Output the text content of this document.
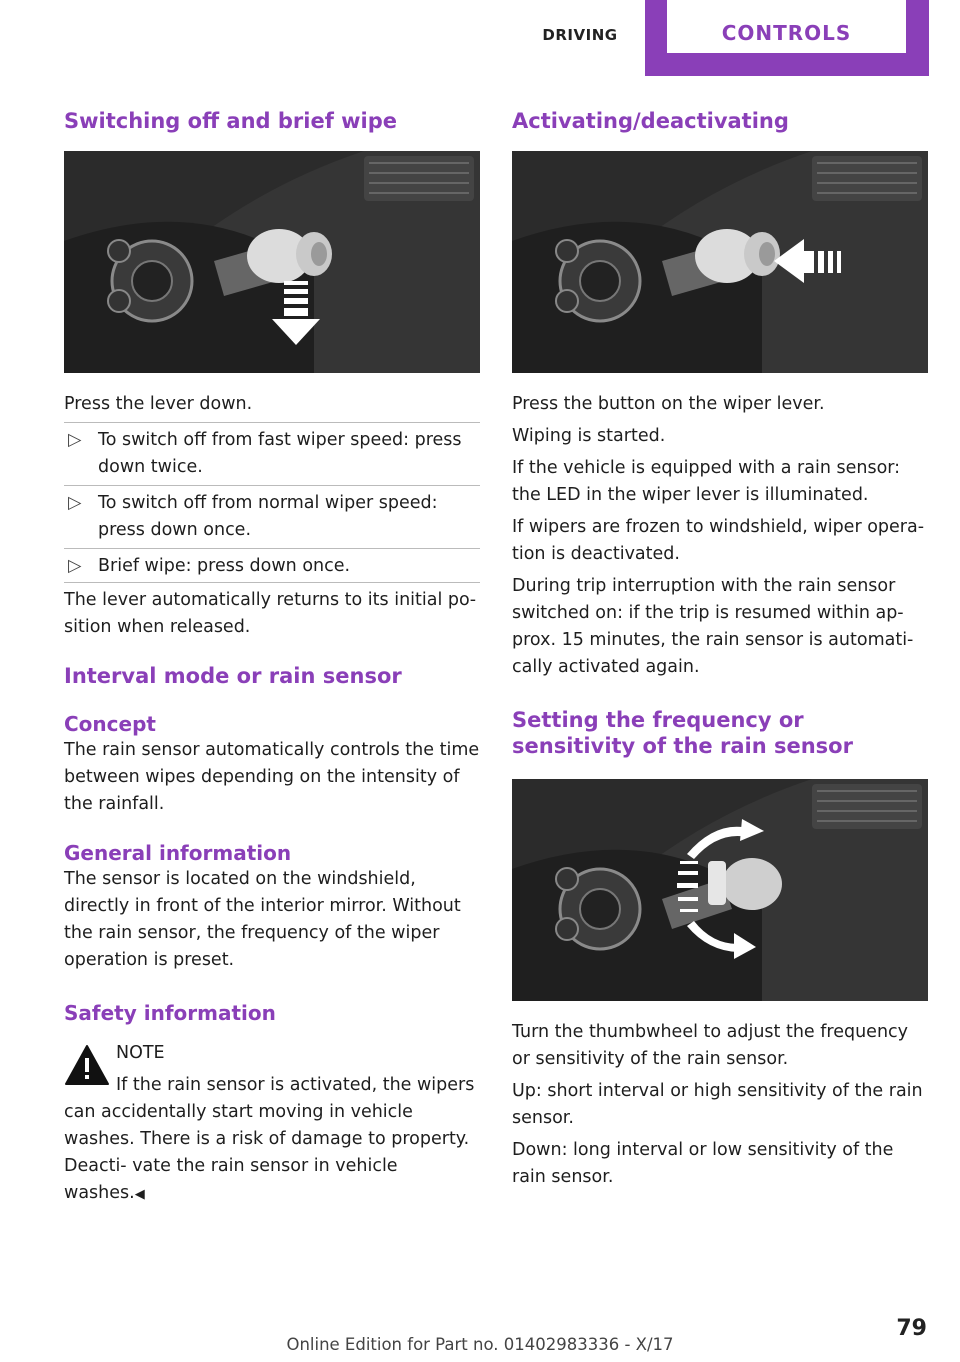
DRIVING	CONTROLS
Switching off and brief wipe

Press the lever down.

▷ To switch off from fast wiper speed: press down twice.
▷ To switch off from normal wiper speed: press down once.
▷ Brief wipe: press down once.

The lever automatically returns to its initial po‐ sition when released.

Interval mode or rain sensor
Concept

The rain sensor automatically controls the time between wipes depending on the intensity of the rainfall.

General information

The sensor is located on the windshield, directly in front of the interior mirror. Without the rain sensor, the frequency of the wiper operation is preset.

Safety information

NOTE

If the rain sensor is activated, the wipers

can accidentally start moving in vehicle washes. There is a risk of damage to property. Deacti‐ vate the rain sensor in vehicle washes.◀

Activating/deactivating

Press the button on the wiper lever.

Wiping is started.

If the vehicle is equipped with a rain sensor: the LED in the wiper lever is illuminated.

If wipers are frozen to windshield, wiper opera‐ tion is deactivated.

During trip interruption with the rain sensor switched on: if the trip is resumed within ap‐ prox. 15 minutes, the rain sensor is automati‐ cally activated again.

Setting the frequency or sensitivity of the rain sensor

Turn the thumbwheel to adjust the frequency or sensitivity of the rain sensor.

Up: short interval or high sensitivity of the rain sensor.

Down: long interval or low sensitivity of the rain sensor.

79
Online Edition for Part no. 01402983336 - X/17
